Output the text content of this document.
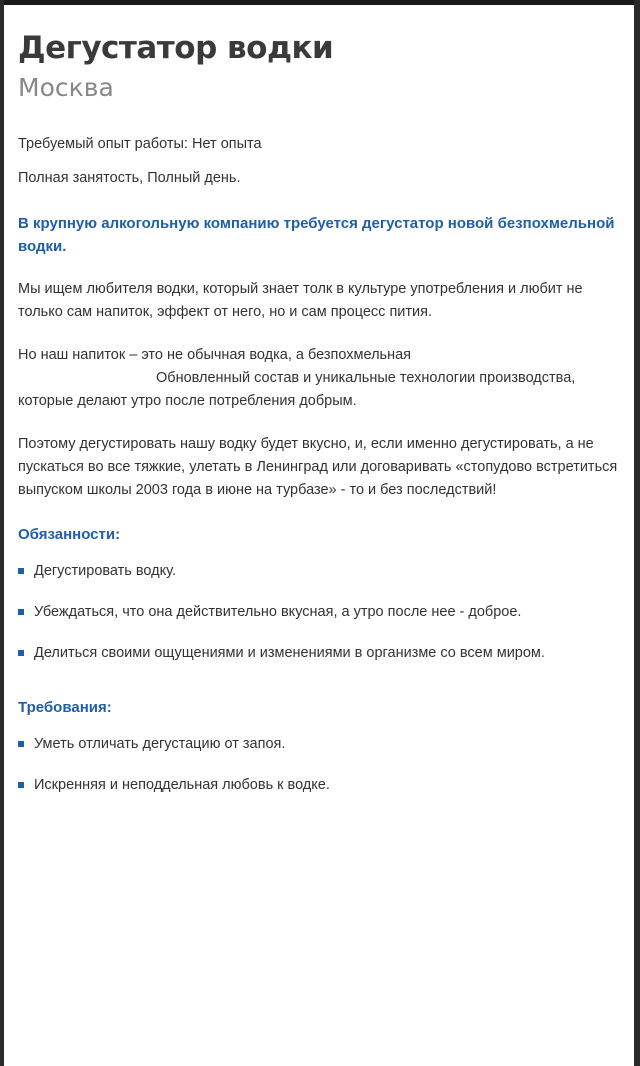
Дегустатор водки

Москва

Требуемый опыт работы: Нет опыта

Полная занятость, Полный день.

В крупную алкогольную компанию требуется дегустатор новой безпохмельной водки.

Мы ищем любителя водки, который знает толк в культуре употребления и любит не только сам напиток, эффект от него, но и сам процесс пития.

Но наш напиток – это не обычная водка, а безпохмельная
Обновленный состав и уникальные технологии производства, которые делают утро после потребления добрым.

Поэтому дегустировать нашу водку будет вкусно, и, если именно дегустировать, а не пускаться во все тяжкие, улетать в Ленинград или договаривать «стопудово встретиться выпуском школы 2003 года в июне на турбазе» - то и без последствий!

Обязанности:
Дегустировать водку.
Убеждаться, что она действительно вкусная, а утро после нее - доброе.
Делиться своими ощущениями и изменениями в организме со всем миром.
Требования:
Уметь отличать дегустацию от запоя.
Искренняя и неподдельная любовь к водке.
